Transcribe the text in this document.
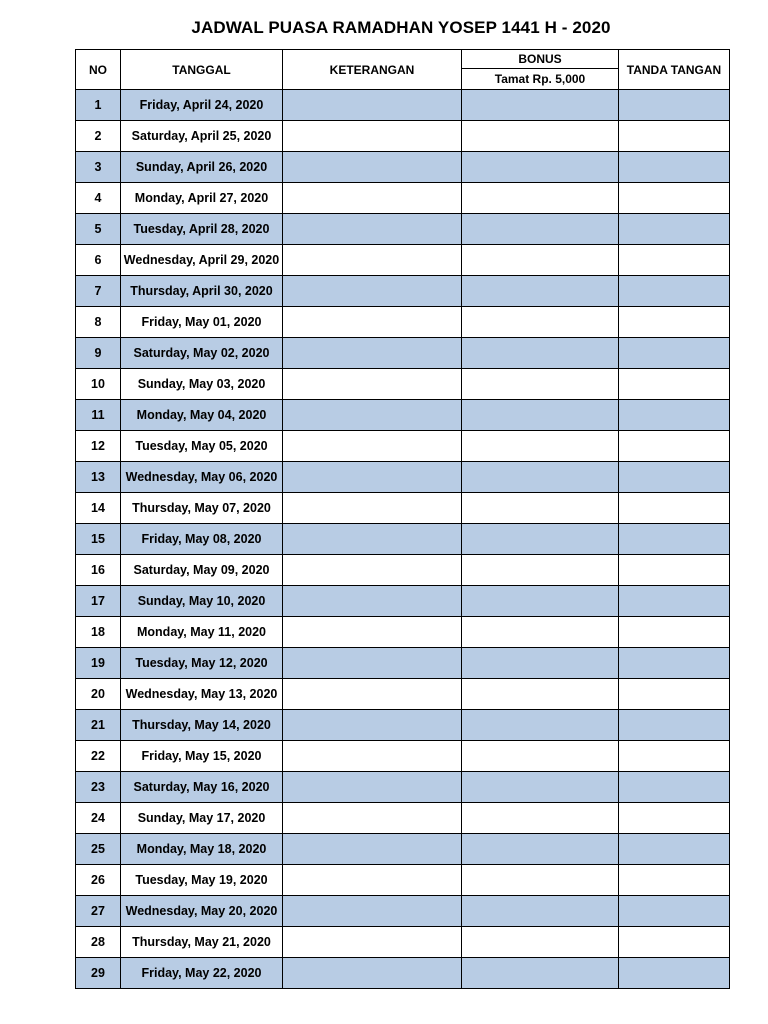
JADWAL PUASA RAMADHAN YOSEP 1441 H - 2020
NO	TANGGAL	KETERANGAN	BONUS	TANDA TANGAN
			Tamat Rp. 5,000	
1	Friday, April 24, 2020			
2	Saturday, April 25, 2020			
3	Sunday, April 26, 2020			
4	Monday, April 27, 2020			
5	Tuesday, April 28, 2020			
6	Wednesday, April 29, 2020			
7	Thursday, April 30, 2020			
8	Friday, May 01, 2020			
9	Saturday, May 02, 2020			
10	Sunday, May 03, 2020			
11	Monday, May 04, 2020			
12	Tuesday, May 05, 2020			
13	Wednesday, May 06, 2020			
14	Thursday, May 07, 2020			
15	Friday, May 08, 2020			
16	Saturday, May 09, 2020			
17	Sunday, May 10, 2020			
18	Monday, May 11, 2020			
19	Tuesday, May 12, 2020			
20	Wednesday, May 13, 2020			
21	Thursday, May 14, 2020			
22	Friday, May 15, 2020			
23	Saturday, May 16, 2020			
24	Sunday, May 17, 2020			
25	Monday, May 18, 2020			
26	Tuesday, May 19, 2020			
27	Wednesday, May 20, 2020			
28	Thursday, May 21, 2020			
29	Friday, May 22, 2020			
